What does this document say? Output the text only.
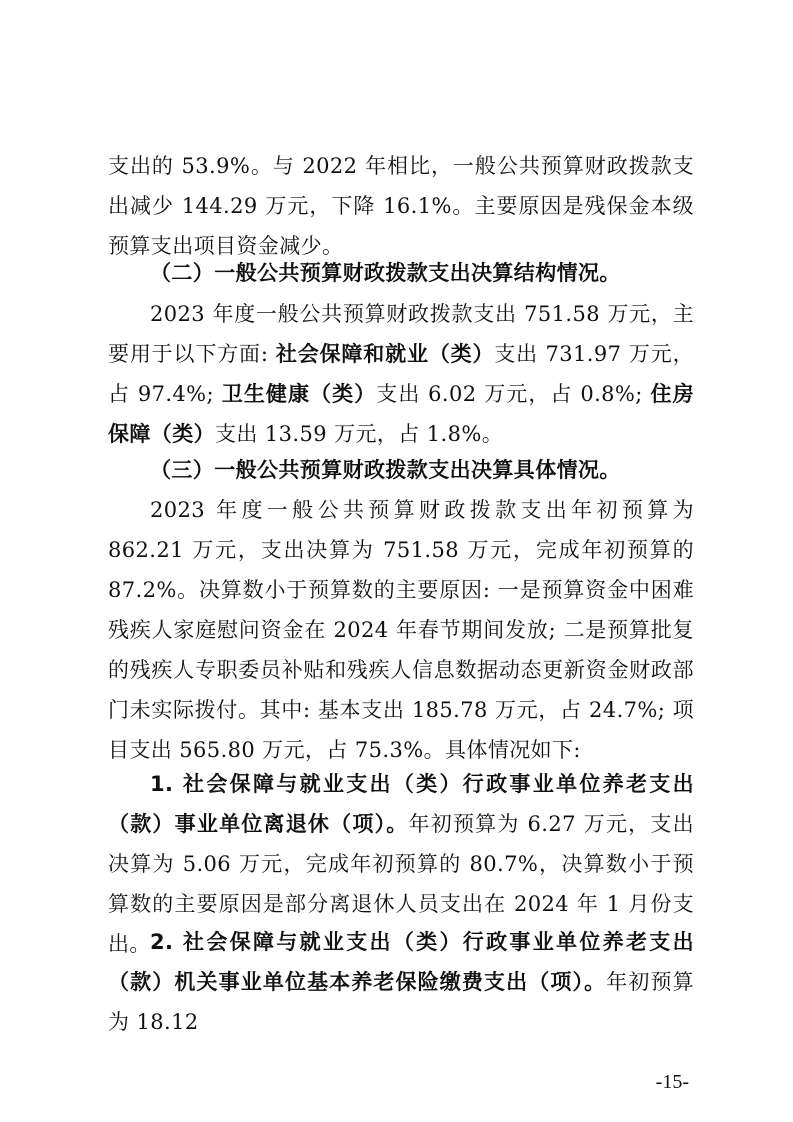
支出的 53.9%。与 2022 年相比，一般公共预算财政拨款支出减少 144.29 万元，下降 16.1%。主要原因是残保金本级预算支出项目资金减少。

（二）一般公共预算财政拨款支出决算结构情况。

2023 年度一般公共预算财政拨款支出 751.58 万元，主要用于以下方面: 社会保障和就业（类）支出 731.97 万元，占 97.4%; 卫生健康（类）支出 6.02 万元，占 0.8%; 住房保障（类）支出 13.59 万元，占 1.8%。

（三）一般公共预算财政拨款支出决算具体情况。

2023 年度一般公共预算财政拨款支出年初预算为 862.21 万元，支出决算为 751.58 万元，完成年初预算的 87.2%。决算数小于预算数的主要原因: 一是预算资金中困难残疾人家庭慰问资金在 2024 年春节期间发放; 二是预算批复的残疾人专职委员补贴和残疾人信息数据动态更新资金财政部门未实际拨付。其中: 基本支出 185.78 万元，占 24.7%; 项目支出 565.80 万元，占 75.3%。具体情况如下:

1. 社会保障与就业支出（类）行政事业单位养老支出（款）事业单位离退休（项）。年初预算为 6.27 万元，支出决算为 5.06 万元，完成年初预算的 80.7%，决算数小于预算数的主要原因是部分离退休人员支出在 2024 年 1 月份支出。 2. 社会保障与就业支出（类）行政事业单位养老支出（款）机关事业单位基本养老保险缴费支出（项）。年初预算为 18.12

-15-
